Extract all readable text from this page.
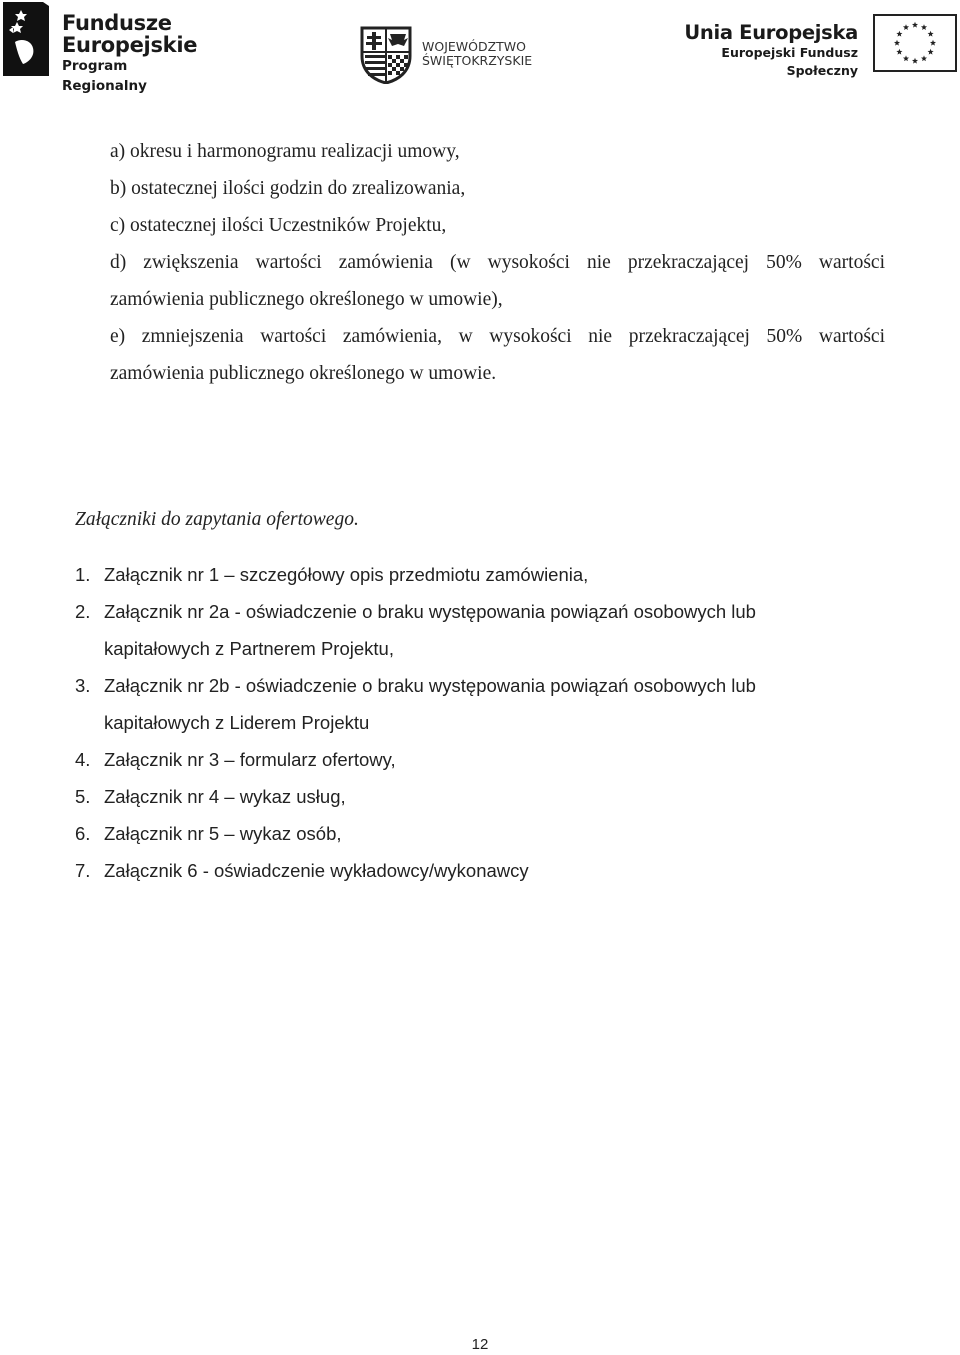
Fundusze
Europejskie
Program Regionalny
WOJEWÓDZTWO
ŚWIĘTOKRZYSKIE
Unia Europejska
Europejski Fundusz Społeczny
a) okresu i harmonogramu realizacji umowy,
b) ostatecznej ilości godzin do zrealizowania,
c) ostatecznej ilości Uczestników Projektu,
d) zwiększenia wartości zamówienia (w wysokości nie przekraczającej 50% wartości
zamówienia publicznego określonego w umowie),
e) zmniejszenia wartości zamówienia, w wysokości nie przekraczającej 50% wartości
zamówienia publicznego określonego w umowie.
Załączniki do zapytania ofertowego.
1. Załącznik nr 1 – szczegółowy opis przedmiotu zamówienia,
2. Załącznik nr 2a - oświadczenie o braku występowania powiązań osobowych lub
kapitałowych z Partnerem Projektu,
3. Załącznik nr 2b - oświadczenie o braku występowania powiązań osobowych lub
kapitałowych z Liderem Projektu
4. Załącznik nr 3 – formularz ofertowy,
5. Załącznik nr 4 – wykaz usług,
6. Załącznik nr 5 – wykaz osób,
7. Załącznik 6 - oświadczenie wykładowcy/wykonawcy
12
